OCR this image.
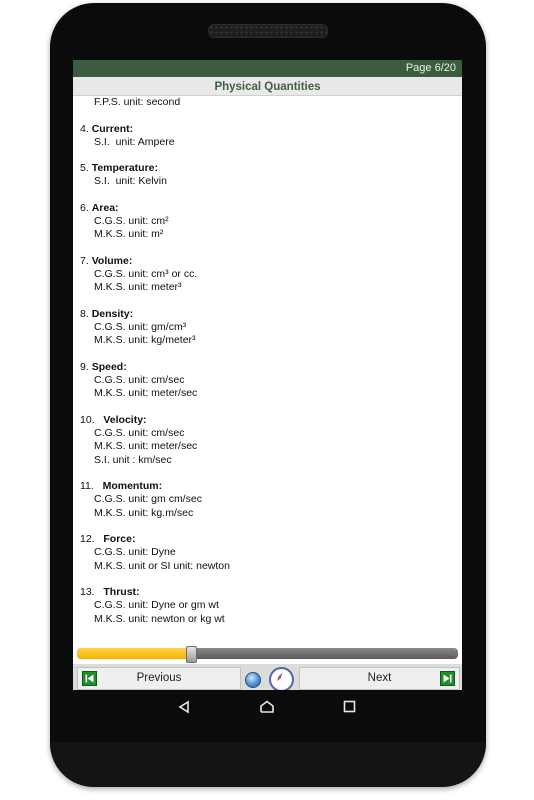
Page 6/20
Physical Quantities
F.P.S. unit: second
4. Current:
S.I.  unit: Ampere
5. Temperature:
S.I.  unit: Kelvin
6. Area:
C.G.S. unit: cm²
M.K.S. unit: m²
7. Volume:
C.G.S. unit: cm³ or cc.
M.K.S. unit: meter³
8. Density:
C.G.S. unit: gm/cm³
M.K.S. unit: kg/meter³
9. Speed:
C.G.S. unit: cm/sec
M.K.S. unit: meter/sec
10.   Velocity:
C.G.S. unit: cm/sec
M.K.S. unit: meter/sec
S.I. unit : km/sec
11.   Momentum:
C.G.S. unit: gm cm/sec
M.K.S. unit: kg.m/sec
12.   Force:
C.G.S. unit: Dyne
M.K.S. unit or SI unit: newton
13.   Thrust:
C.G.S. unit: Dyne or gm wt
M.K.S. unit: newton or kg wt
Previous	Next
